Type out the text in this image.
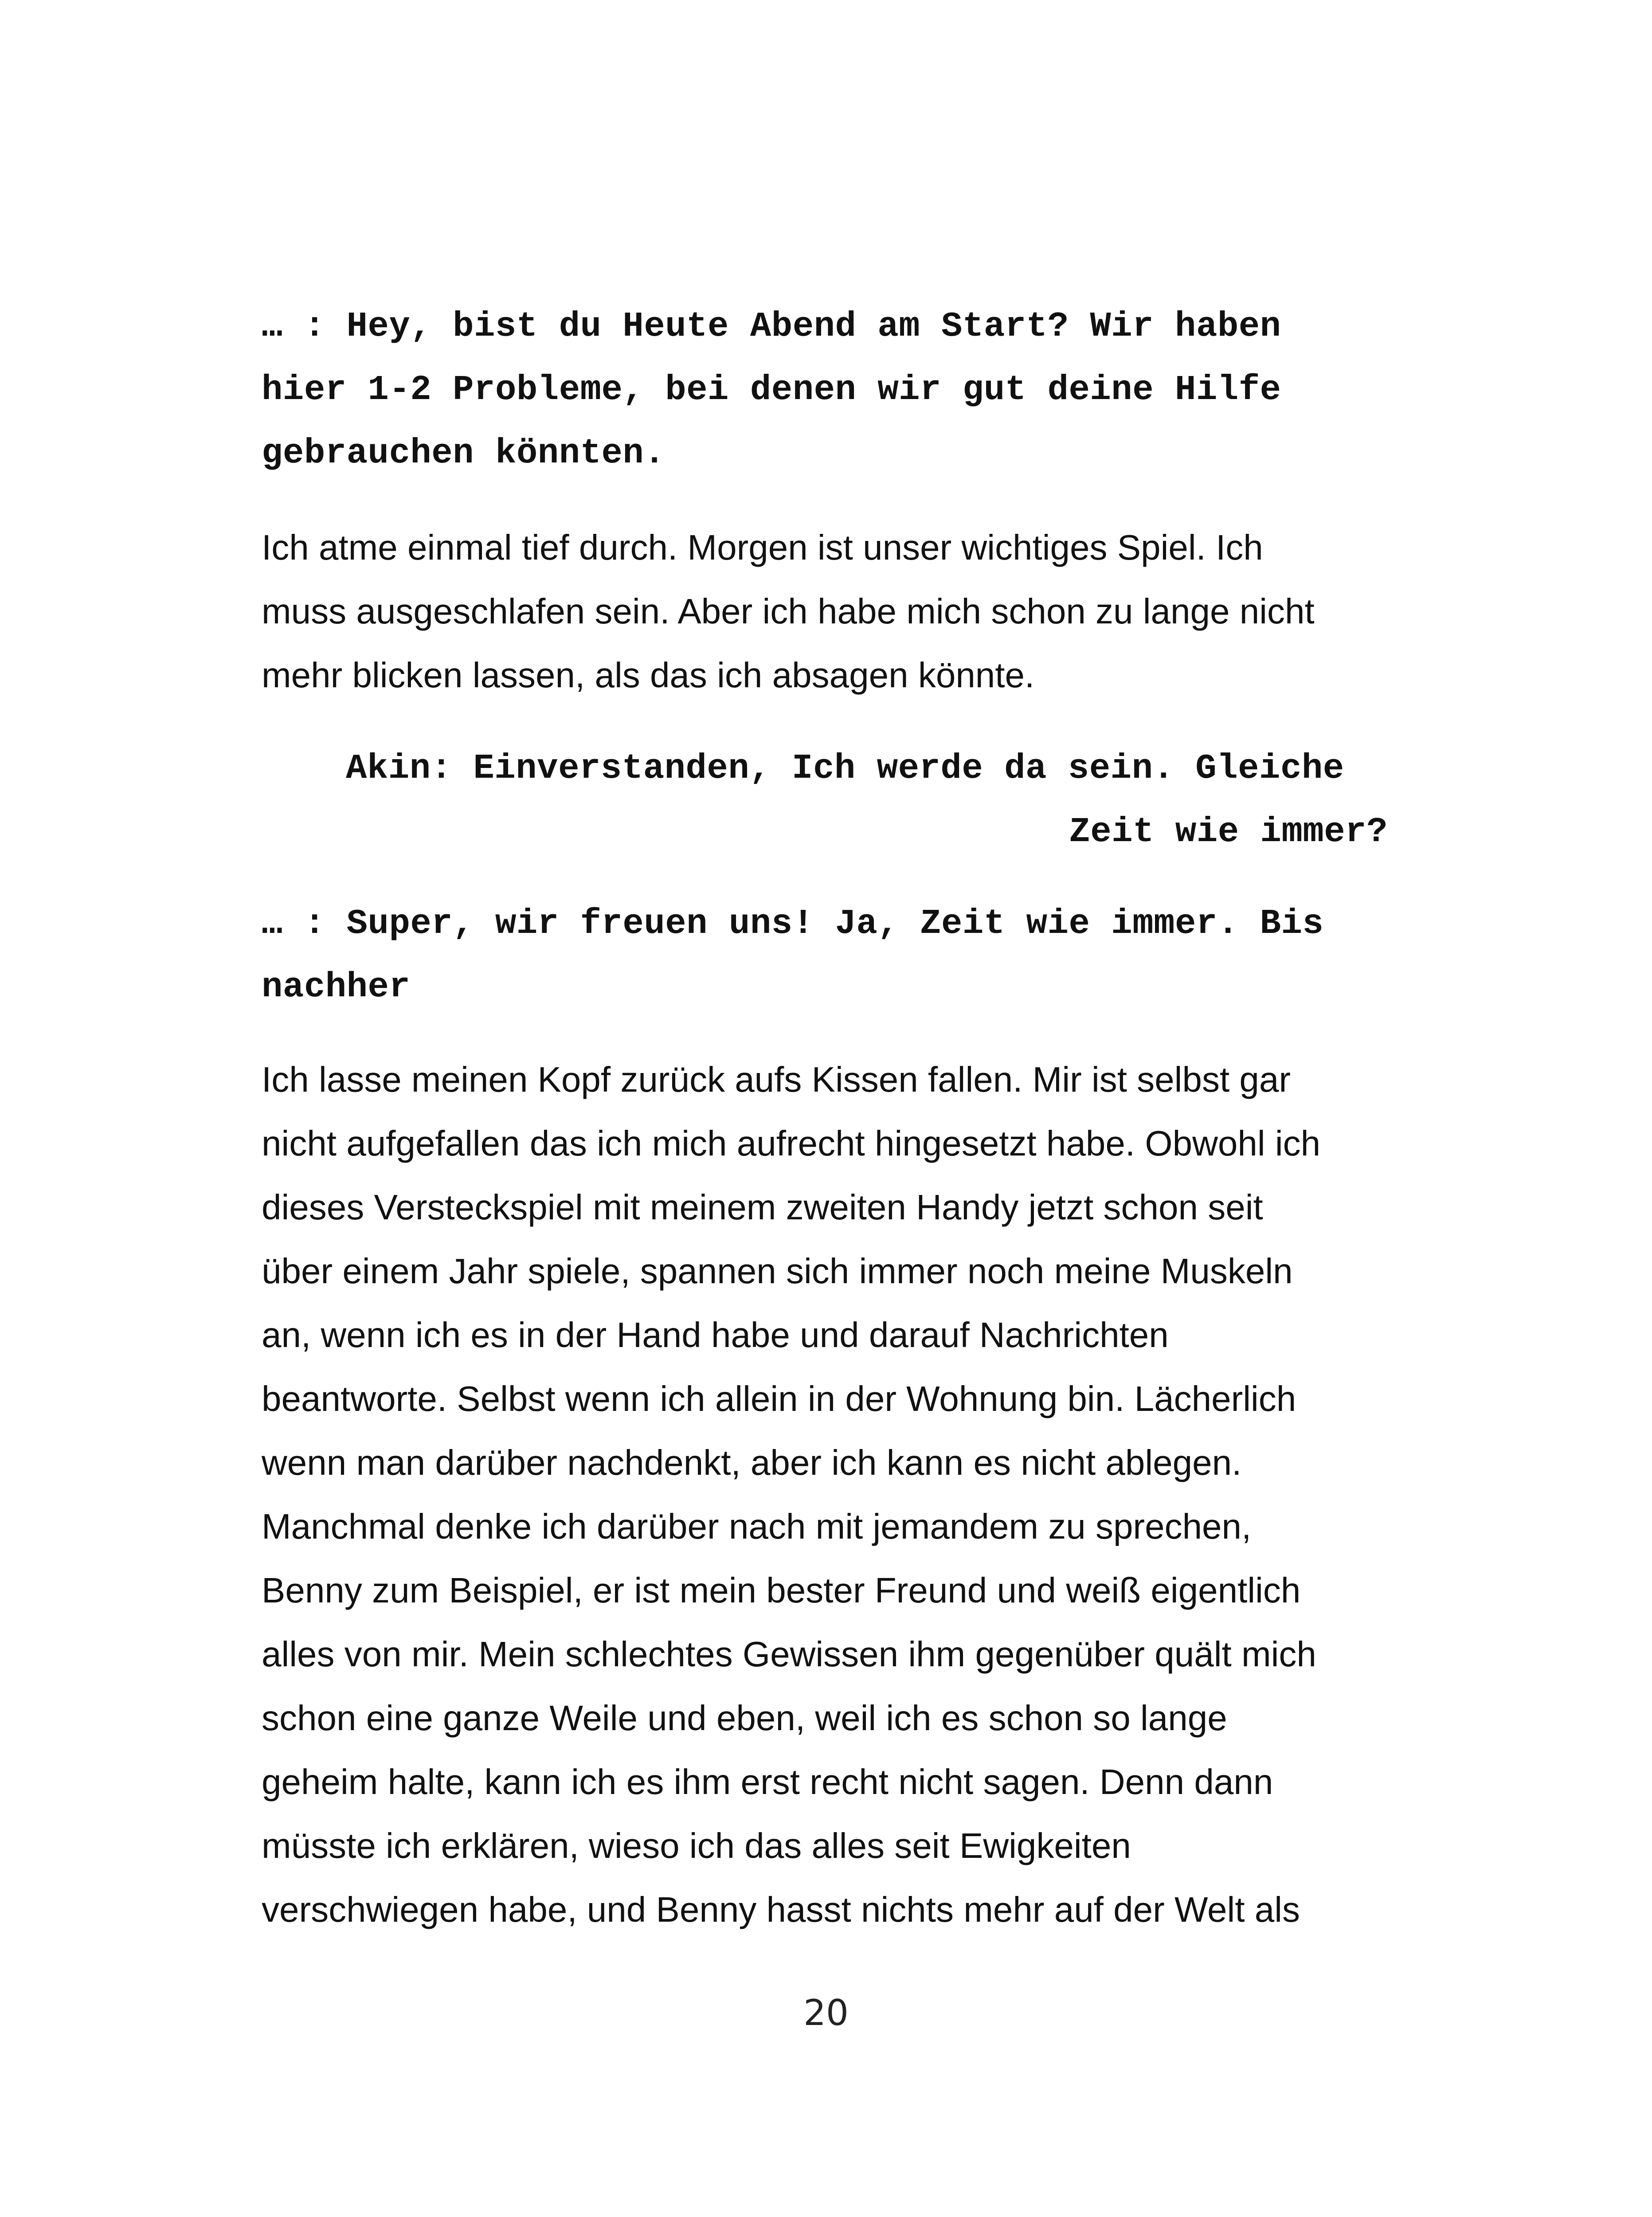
… : Hey, bist du Heute Abend am Start? Wir haben
hier 1-2 Probleme, bei denen wir gut deine Hilfe
gebrauchen könnten.
Ich atme einmal tief durch. Morgen ist unser wichtiges Spiel. Ich
muss ausgeschlafen sein. Aber ich habe mich schon zu lange nicht
mehr blicken lassen, als das ich absagen könnte.
Akin: Einverstanden, Ich werde da sein. Gleiche
Zeit wie immer?
… : Super, wir freuen uns! Ja, Zeit wie immer. Bis
nachher
Ich lasse meinen Kopf zurück aufs Kissen fallen. Mir ist selbst gar
nicht aufgefallen das ich mich aufrecht hingesetzt habe. Obwohl ich
dieses Versteckspiel mit meinem zweiten Handy jetzt schon seit
über einem Jahr spiele, spannen sich immer noch meine Muskeln
an, wenn ich es in der Hand habe und darauf Nachrichten
beantworte. Selbst wenn ich allein in der Wohnung bin. Lächerlich
wenn man darüber nachdenkt, aber ich kann es nicht ablegen.
Manchmal denke ich darüber nach mit jemandem zu sprechen,
Benny zum Beispiel, er ist mein bester Freund und weiß eigentlich
alles von mir. Mein schlechtes Gewissen ihm gegenüber quält mich
schon eine ganze Weile und eben, weil ich es schon so lange
geheim halte, kann ich es ihm erst recht nicht sagen. Denn dann
müsste ich erklären, wieso ich das alles seit Ewigkeiten
verschwiegen habe, und Benny hasst nichts mehr auf der Welt als
20
